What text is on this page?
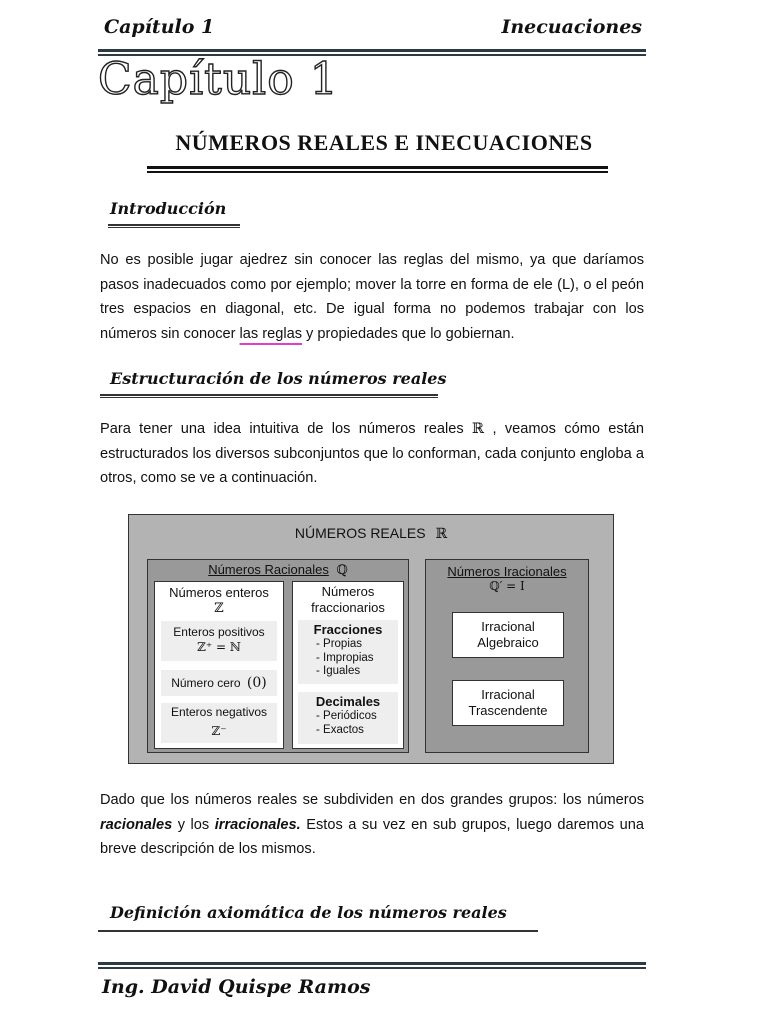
Capítulo 1	Inecuaciones
Capítulo 1
NÚMEROS REALES E INECUACIONES
Introducción

No es posible jugar ajedrez sin conocer las reglas del mismo, ya que daríamos pasos inadecuados como por ejemplo; mover la torre en forma de ele (L), o el peón tres espacios en diagonal, etc. De igual forma no podemos trabajar con los números sin conocer las reglas y propiedades que lo gobiernan.

Estructuración de los números reales

Para tener una idea intuitiva de los números reales ℝ , veamos cómo están estructurados los diversos subconjuntos que lo conforman, cada conjunto engloba a otros, como se ve a continuación.

NÚMEROS REALES ℝ
Números Racionales ℚ
Números enteros
ℤ
Enteros positivos
ℤ⁺ = ℕ
Número cero (0)
Enteros negativos
ℤ⁻
Números
fraccionarios
Fracciones
- Propias
- Impropias
- Iguales
Decimales
- Periódicos
- Exactos
Números Iracionales
ℚ′ = I
Irracional
Algebraico
Irracional
Trascendente

Dado que los números reales se subdividen en dos grandes grupos: los números racionales y los irracionales. Estos a su vez en sub grupos, luego daremos una breve descripción de los mismos.

Definición axiomática de los números reales
Ing. David Quispe Ramos
